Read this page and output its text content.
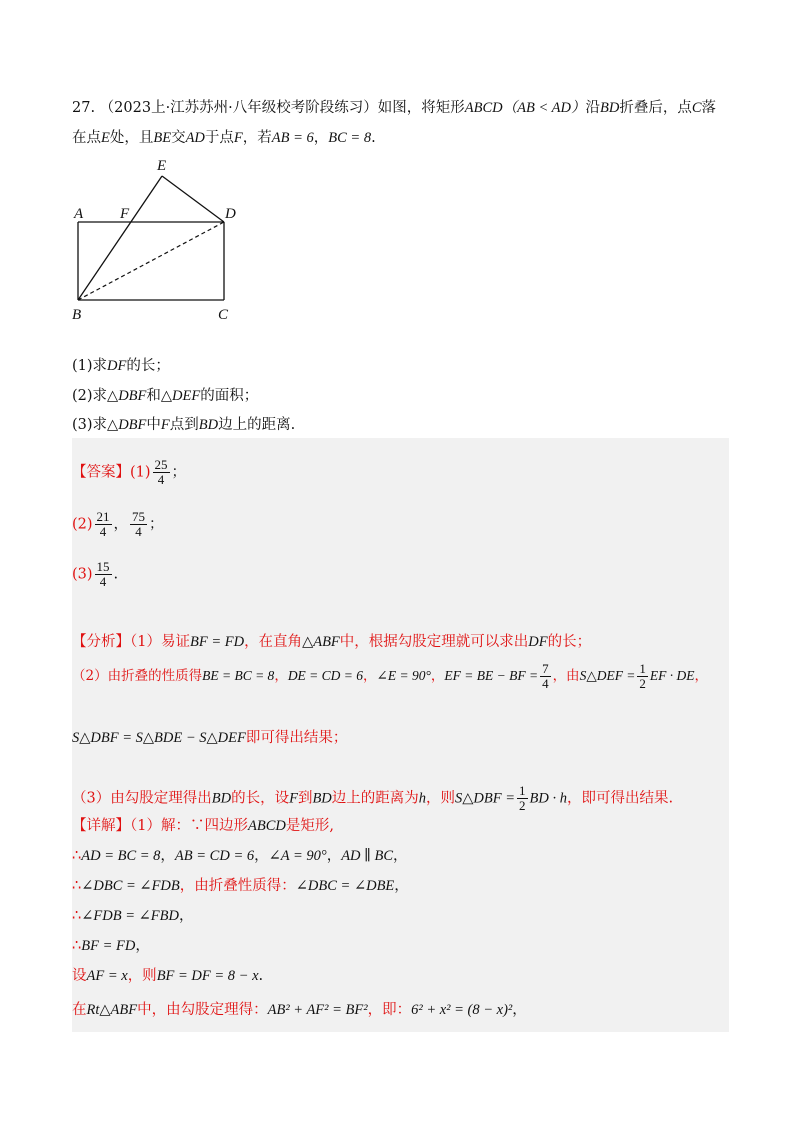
27. （2023上·江苏苏州·八年级校考阶段练习）如图，将矩形ABCD（AB < AD）沿BD折叠后，点C落
在点E处，且BE交AD于点F，若AB = 6，BC = 8.
E
A F	D
B	C
(1)求DF的长；
(2)求△DBF和△DEF的面积；
(3)求△DBF中F点到BD边上的距离.
【答案】$(1) \frac{25}{4}$ ；
$(2) \frac{21}{4}$ ， $\frac{75}{4}$ ；
$(3) \frac{15}{4}$ .
【分析】（1）易证BF = FD，在直角△ABF中，根据勾股定理就可以求出DF的长；
（2）由折叠的性质得BE = BC = 8，DE = CD = 6，∠E = 90°，EF = BE − BF = $\frac{7}{4}$ ，由S△DEF = $\frac{1}{2}$ EF · DE，
S△DBF = S△BDE − S△DEF即可得出结果；
（3）由勾股定理得出BD的长，设F到BD边上的距离为h，则S△DBF = $\frac{1}{2}$ BD · h，即可得出结果.
【详解】（1）解：∵四边形ABCD是矩形,
∴AD = BC = 8，AB = CD = 6，∠A = 90°，AD ∥ BC，
∴∠DBC = ∠FDB，由折叠性质得：∠DBC = ∠DBE，
∴∠FDB = ∠FBD，
∴BF = FD，
设AF = x，则BF = DF = 8 − x.
在Rt△ABF中，由勾股定理得：AB² + AF² = BF²，即：6² + x² = (8 − x)²，
